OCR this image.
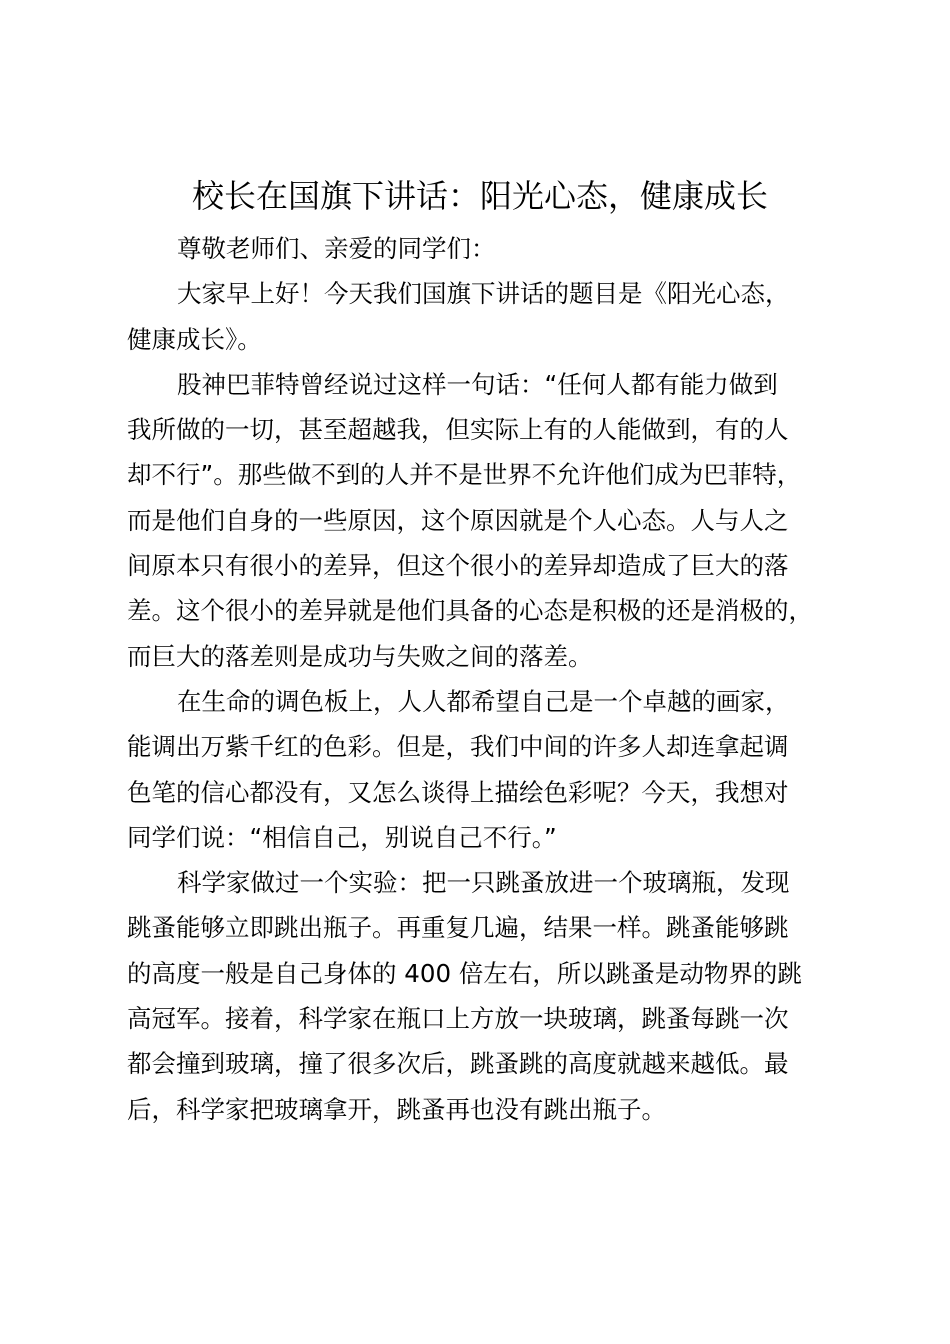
校长在国旗下讲话：阳光心态，健康成长
尊敬老师们、亲爱的同学们：
大家早上好！今天我们国旗下讲话的题目是《阳光心态，
健康成长》。
股神巴菲特曾经说过这样一句话：“任何人都有能力做到
我所做的一切，甚至超越我，但实际上有的人能做到，有的人
却不行”。那些做不到的人并不是世界不允许他们成为巴菲特，
而是他们自身的一些原因，这个原因就是个人心态。人与人之
间原本只有很小的差异，但这个很小的差异却造成了巨大的落
差。这个很小的差异就是他们具备的心态是积极的还是消极的，
而巨大的落差则是成功与失败之间的落差。
在生命的调色板上，人人都希望自己是一个卓越的画家，
能调出万紫千红的色彩。但是，我们中间的许多人却连拿起调
色笔的信心都没有，又怎么谈得上描绘色彩呢？今天，我想对
同学们说：“相信自己，别说自己不行。”
科学家做过一个实验：把一只跳蚤放进一个玻璃瓶，发现
跳蚤能够立即跳出瓶子。再重复几遍，结果一样。跳蚤能够跳
的高度一般是自己身体的 400 倍左右，所以跳蚤是动物界的跳
高冠军。接着，科学家在瓶口上方放一块玻璃，跳蚤每跳一次
都会撞到玻璃，撞了很多次后，跳蚤跳的高度就越来越低。最
后，科学家把玻璃拿开，跳蚤再也没有跳出瓶子。
